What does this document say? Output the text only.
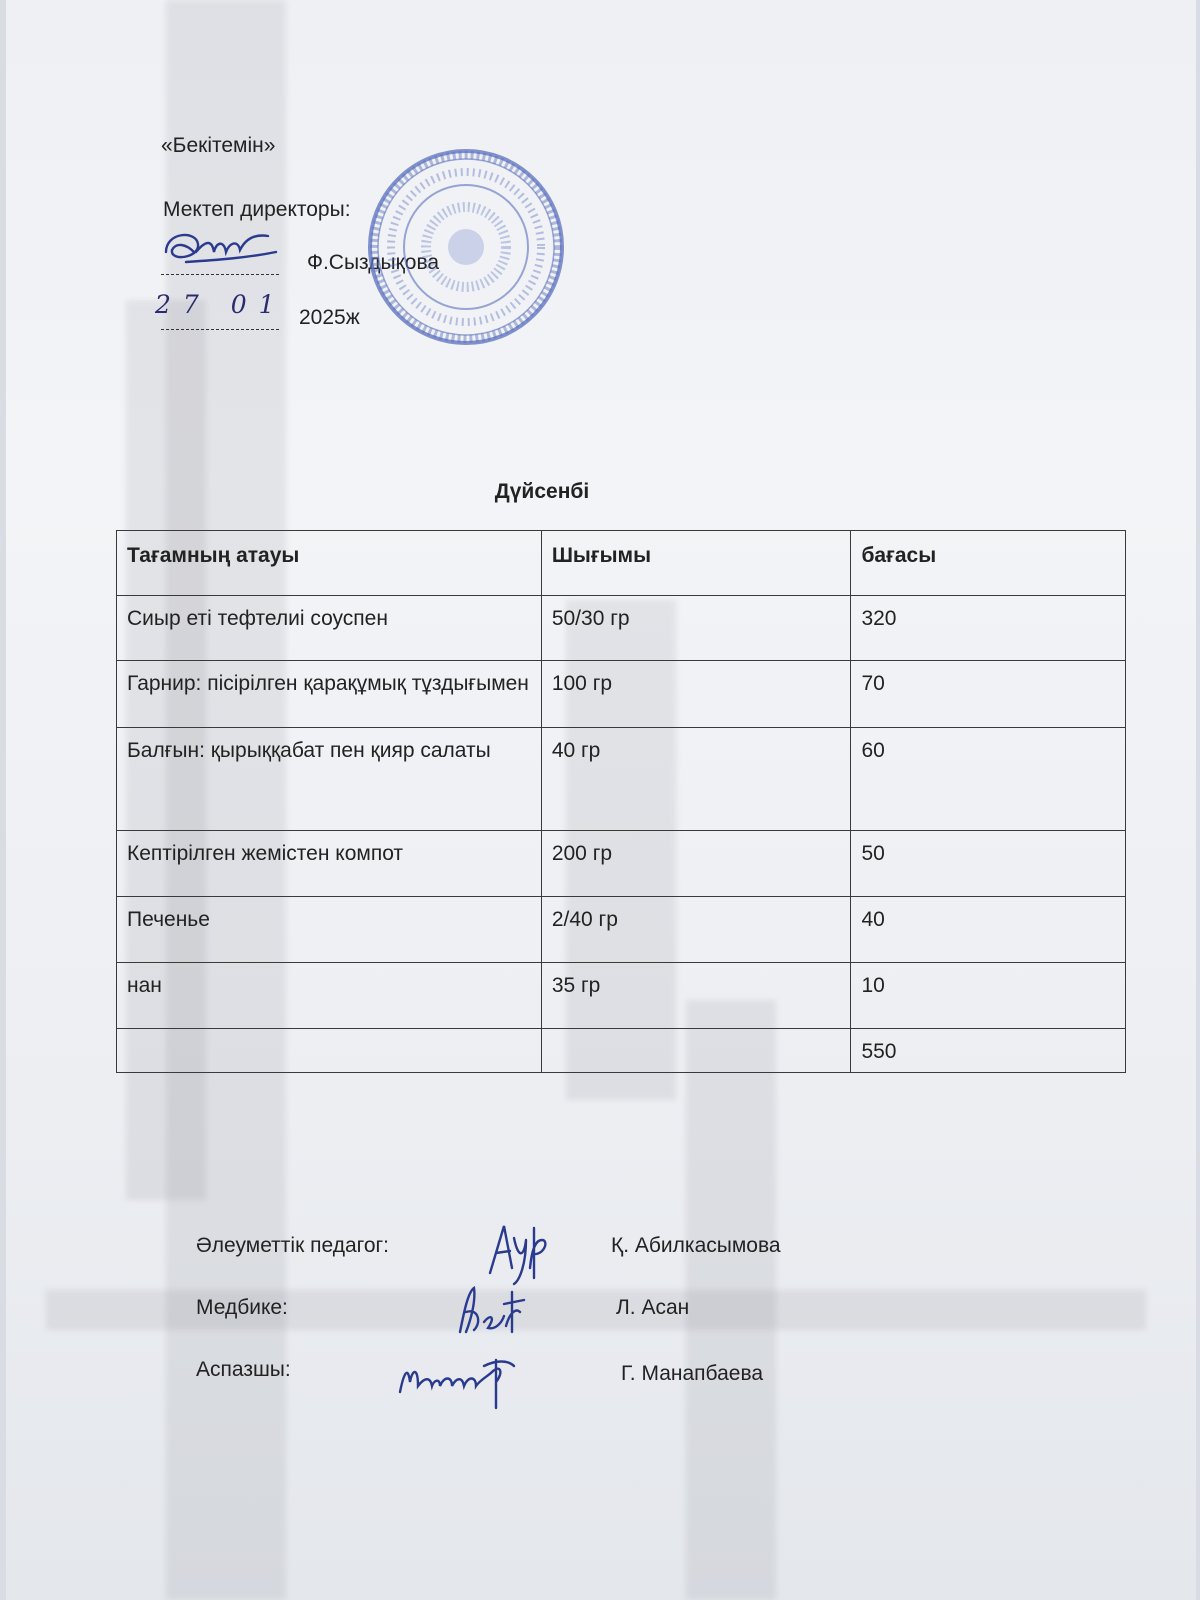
«Бекітемін»
Мектеп директоры:
Ф.Сыздықова
2025ж
27 01
Дүйсенбі
Тағамның атауы	Шығымы	бағасы
Сиыр еті тефтелиі соуспен	50/30 гр	320
Гарнир: пісірілген қарақұмық тұздығымен	100 гр	70
Балғын: қырыққабат пен қияр салаты	40 гр	60
Кептірілген жемістен компот	200 гр	50
Печенье	2/40 гр	40
нан	35 гр	10
		550
Әлеуметтік педагог:	Қ. Абилкасымова
Медбике:	Л. Асан
Аспазшы:	Г. Манапбаева
